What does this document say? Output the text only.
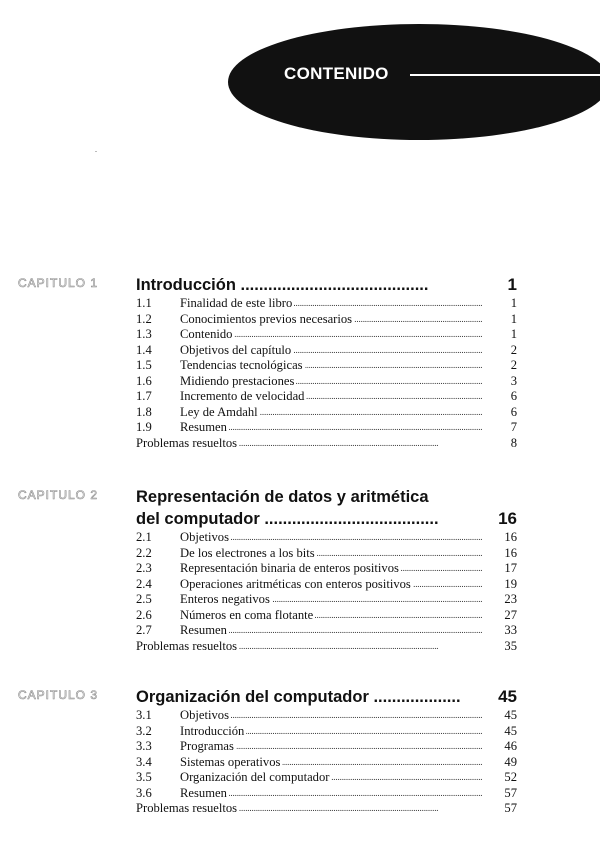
CONTENIDO
CAPITULO 1 Introducción .........................................	1
1.1 Finalidad de este libro . . .	1
1.2 Conocimientos previos necesarios . . .	1
1.3 Contenido . . .	1
1.4 Objetivos del capítulo . . .	2
1.5 Tendencias tecnológicas . . .	2
1.6 Midiendo prestaciones . . .	3
1.7 Incremento de velocidad . . .	6
1.8 Ley de Amdahl . . .	6
1.9 Resumen . . .	7
Problemas resueltos . . .	8
CAPITULO 2 Representación de datos y aritmética
del computador ......................................	16
2.1 Objetivos . . .	16
2.2 De los electrones a los bits . . .	16
2.3 Representación binaria de enteros positivos . . .	17
2.4 Operaciones aritméticas con enteros positivos . . .	19
2.5 Enteros negativos . . .	23
2.6 Números en coma flotante . . .	27
2.7 Resumen . . .	33
Problemas resueltos . . .	35
CAPITULO 3 Organización del computador ...................	45
3.1 Objetivos . . .	45
3.2 Introducción . . .	45
3.3 Programas . . .	46
3.4 Sistemas operativos . . .	49
3.5 Organización del computador . . .	52
3.6 Resumen . . .	57
Problemas resueltos . . .	57
